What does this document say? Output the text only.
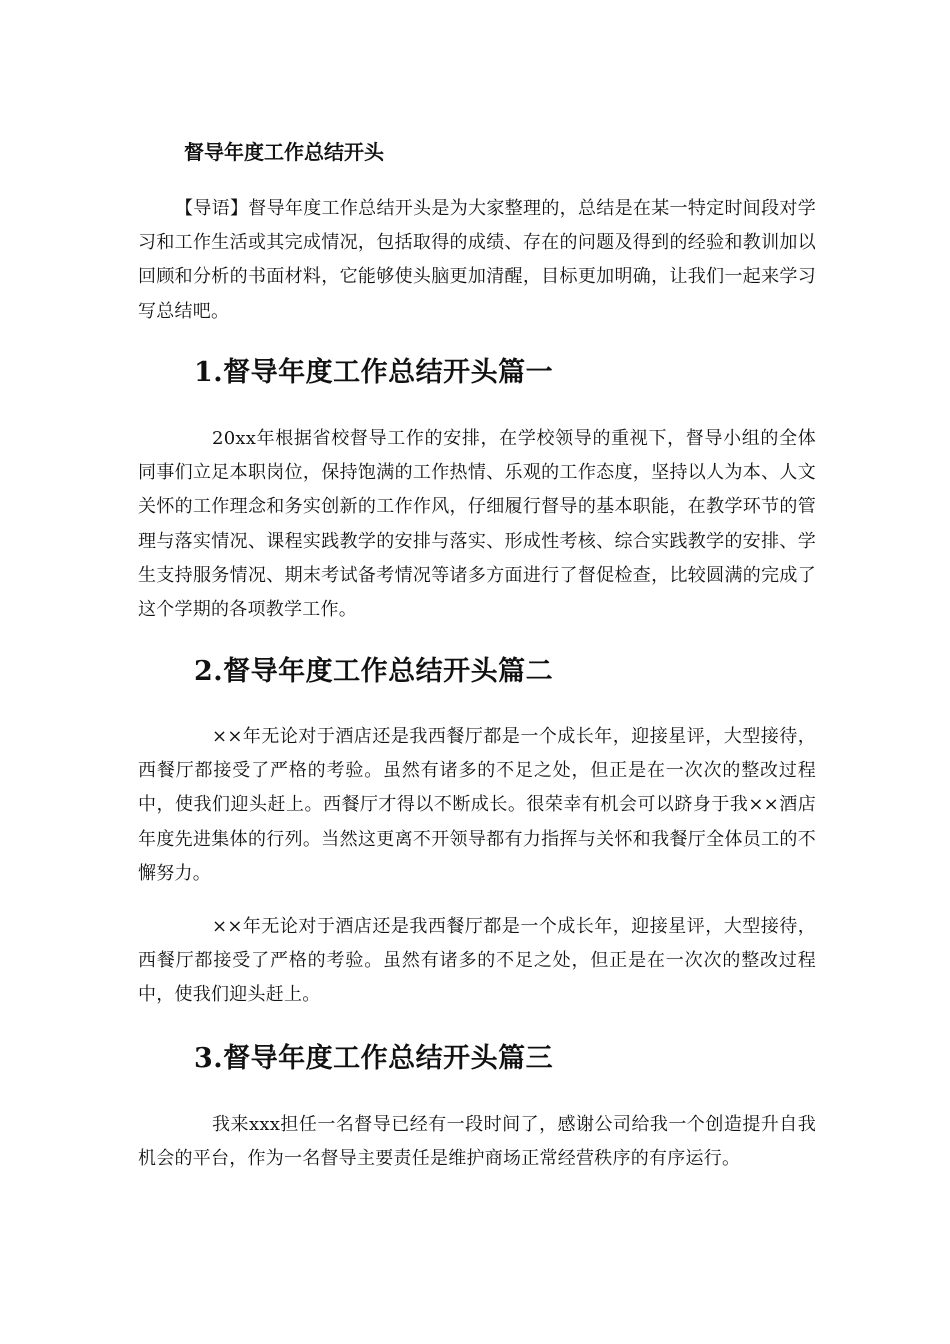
督导年度工作总结开头

【导语】督导年度工作总结开头是为大家整理的，总结是在某一特定时间段对学习和工作生活或其完成情况，包括取得的成绩、存在的问题及得到的经验和教训加以回顾和分析的书面材料，它能够使头脑更加清醒，目标更加明确，让我们一起来学习写总结吧。

1.督导年度工作总结开头篇一

20xx年根据省校督导工作的安排，在学校领导的重视下，督导小组的全体同事们立足本职岗位，保持饱满的工作热情、乐观的工作态度，坚持以人为本、人文关怀的工作理念和务实创新的工作作风，仔细履行督导的基本职能，在教学环节的管理与落实情况、课程实践教学的安排与落实、形成性考核、综合实践教学的安排、学生支持服务情况、期末考试备考情况等诸多方面进行了督促检查，比较圆满的完成了这个学期的各项教学工作。

2.督导年度工作总结开头篇二

××年无论对于酒店还是我西餐厅都是一个成长年，迎接星评，大型接待，西餐厅都接受了严格的考验。虽然有诸多的不足之处，但正是在一次次的整改过程中，使我们迎头赶上。西餐厅才得以不断成长。很荣幸有机会可以跻身于我××酒店年度先进集体的行列。当然这更离不开领导都有力指挥与关怀和我餐厅全体员工的不懈努力。

××年无论对于酒店还是我西餐厅都是一个成长年，迎接星评，大型接待，西餐厅都接受了严格的考验。虽然有诸多的不足之处，但正是在一次次的整改过程中，使我们迎头赶上。

3.督导年度工作总结开头篇三

我来xxx担任一名督导已经有一段时间了，感谢公司给我一个创造提升自我机会的平台，作为一名督导主要责任是维护商场正常经营秩序的有序运行。
